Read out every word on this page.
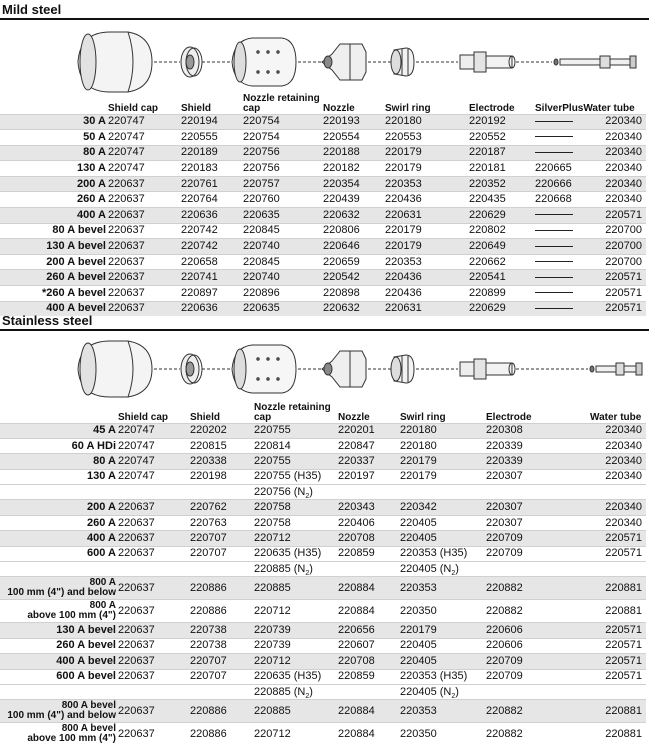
Mild steel
	Shield cap	Shield	Nozzle retaining cap	Nozzle	Swirl ring	Electrode	SilverPlus	Water tube
30 A	220747	220194	220754	220193	220180	220192		220340
50 A	220747	220555	220754	220554	220553	220552		220340
80 A	220747	220189	220756	220188	220179	220187		220340
130 A	220747	220183	220756	220182	220179	220181	220665	220340
200 A	220637	220761	220757	220354	220353	220352	220666	220340
260 A	220637	220764	220760	220439	220436	220435	220668	220340
400 A	220637	220636	220635	220632	220631	220629		220571
80 A bevel	220637	220742	220845	220806	220179	220802		220700
130 A bevel	220637	220742	220740	220646	220179	220649		220700
200 A bevel	220637	220658	220845	220659	220353	220662		220700
260 A bevel	220637	220741	220740	220542	220436	220541		220571
*260 A bevel	220637	220897	220896	220898	220436	220899		220571
400 A bevel	220637	220636	220635	220632	220631	220629		220571
Stainless steel
	Shield cap	Shield	Nozzle retaining cap	Nozzle	Swirl ring	Electrode	Water tube
45 A	220747	220202	220755	220201	220180	220308	220340
60 A HDi	220747	220815	220814	220847	220180	220339	220340
80 A	220747	220338	220755	220337	220179	220339	220340
130 A	220747	220198	220755 (H35)	220197	220179	220307	220340
			220756 $(N_2)$				
200 A	220637	220762	220758	220343	220342	220307	220340
260 A	220637	220763	220758	220406	220405	220307	220340
400 A	220637	220707	220712	220708	220405	220709	220571
600 A	220637	220707	220635 (H35)	220859	220353 (H35)	220709	220571
			220885 $(N_2)$		220405 $(N_2)$		
800 A
100 mm (4") and below	220637	220886	220885	220884	220353	220882	220881
800 A
above 100 mm (4")	220637	220886	220712	220884	220350	220882	220881
130 A bevel	220637	220738	220739	220656	220179	220606	220571
260 A bevel	220637	220738	220739	220607	220405	220606	220571
400 A bevel	220637	220707	220712	220708	220405	220709	220571
600 A bevel	220637	220707	220635 (H35)	220859	220353 (H35)	220709	220571
			220885 $(N_2)$		220405 $(N_2)$		
800 A bevel
100 mm (4") and below	220637	220886	220885	220884	220353	220882	220881
800 A bevel
above 100 mm (4")	220637	220886	220712	220884	220350	220882	220881
